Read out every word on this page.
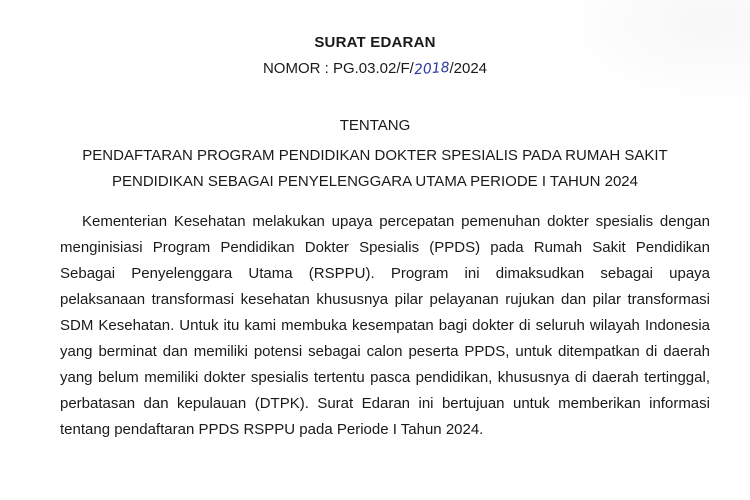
SURAT EDARAN
NOMOR : PG.03.02/F/2018/2024
TENTANG
PENDAFTARAN PROGRAM PENDIDIKAN DOKTER SPESIALIS PADA RUMAH SAKIT
PENDIDIKAN SEBAGAI PENYELENGGARA UTAMA PERIODE I TAHUN 2024
Kementerian Kesehatan melakukan upaya percepatan pemenuhan dokter spesialis dengan
menginisiasi Program Pendidikan Dokter Spesialis (PPDS) pada Rumah Sakit Pendidikan
Sebagai Penyelenggara Utama (RSPPU). Program ini dimaksudkan sebagai upaya
pelaksanaan transformasi kesehatan khususnya pilar pelayanan rujukan dan pilar transformasi
SDM Kesehatan. Untuk itu kami membuka kesempatan bagi dokter di seluruh wilayah Indonesia
yang berminat dan memiliki potensi sebagai calon peserta PPDS, untuk ditempatkan di daerah
yang belum memiliki dokter spesialis tertentu pasca pendidikan, khususnya di daerah tertinggal,
perbatasan dan kepulauan (DTPK). Surat Edaran ini bertujuan untuk memberikan informasi
tentang pendaftaran PPDS RSPPU pada Periode I Tahun 2024.
